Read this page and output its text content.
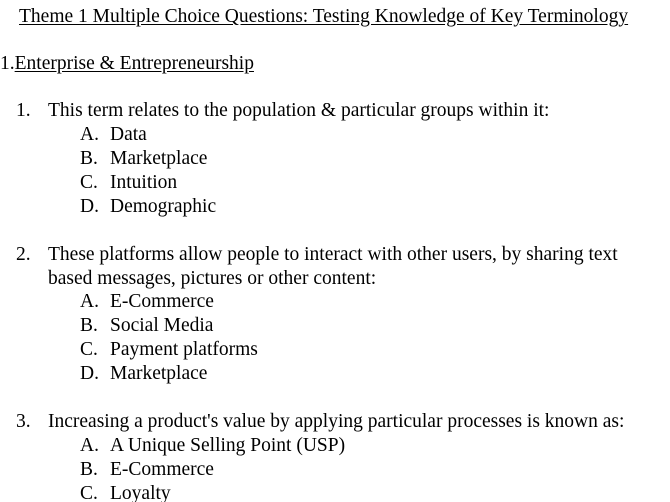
Theme 1 Multiple Choice Questions: Testing Knowledge of Key Terminology
1.Enterprise & Entrepreneurship
1. This term relates to the population & particular groups within it:
A. Data
B. Marketplace
C. Intuition
D. Demographic
2. These platforms allow people to interact with other users, by sharing text
based messages, pictures or other content:
A. E-Commerce
B. Social Media
C. Payment platforms
D. Marketplace
3. Increasing a product's value by applying particular processes is known as:
A. A Unique Selling Point (USP)
B. E-Commerce
C. Loyalty
